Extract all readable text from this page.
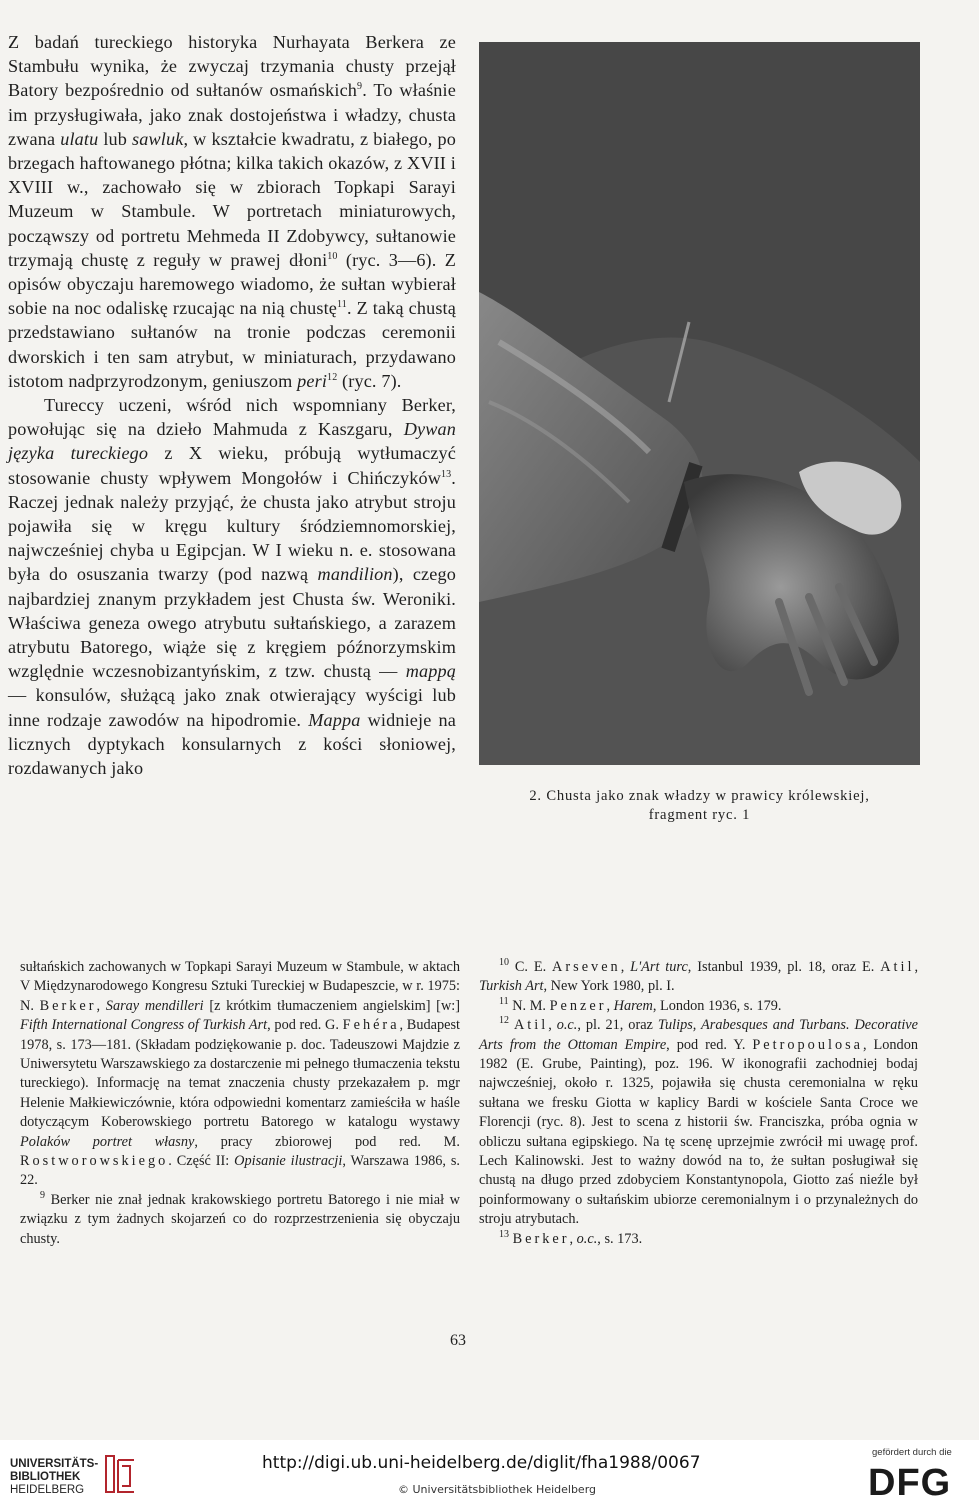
Z badań tureckiego historyka Nurhayata Berkera ze Stambułu wynika, że zwyczaj trzymania chusty przejął Batory bezpośrednio od sułtanów osmańskich$^9$. To właśnie im przysługiwała, jako znak dostojeństwa i władzy, chusta zwana ulatu lub sawluk, w kształcie kwadratu, z białego, po brzegach haftowanego płótna; kilka takich okazów, z XVII i XVIII w., zachowało się w zbiorach Topkapi Sarayi Muzeum w Stambule. W portretach miniaturowych, począwszy od portretu Mehmeda II Zdobywcy, sułtanowie trzymają chustę z reguły w prawej dłoni$^{10}$ (ryc. 3—6). Z opisów obyczaju haremowego wiadomo, że sułtan wybierał sobie na noc odaliskę rzucając na nią chustę$^{11}$. Z taką chustą przedstawiano sułtanów na tronie podczas ceremonii dworskich i ten sam atrybut, w miniaturach, przydawano istotom nadprzyrodzonym, geniuszom peri$^{12}$ (ryc. 7).

Tureccy uczeni, wśród nich wspomniany Berker, powołując się na dzieło Mahmuda z Kaszgaru, Dywan języka tureckiego z X wieku, próbują wytłumaczyć stosowanie chusty wpływem Mongołów i Chińczyków$^{13}$. Raczej jednak należy przyjąć, że chusta jako atrybut stroju pojawiła się w kręgu kultury śródziemnomorskiej, najwcześniej chyba u Egipcjan. W I wieku n. e. stosowana była do osuszania twarzy (pod nazwą mandilion), czego najbardziej znanym przykładem jest Chusta św. Weroniki. Właściwa geneza owego atrybutu sułtańskiego, a zarazem atrybutu Batorego, wiąże się z kręgiem późnorzymskim względnie wczesnobizantyńskim, z tzw. chustą — mappą — konsulów, służącą jako znak otwierający wyścigi lub inne rodzaje zawodów na hipodromie. Mappa widnieje na licznych dyptykach konsularnych z kości słoniowej, rozdawanych jako

2. Chusta jako znak władzy w prawicy królewskiej,
fragment ryc. 1

sułtańskich zachowanych w Topkapi Sarayi Muzeum w Stambule, w aktach V Międzynarodowego Kongresu Sztuki Tureckiej w Budapeszcie, w r. 1975: N. Berker, Saray mendilleri [z krótkim tłumaczeniem angielskim] [w:] Fifth International Congress of Turkish Art, pod red. G. Fehéra, Budapest 1978, s. 173—181. (Składam podziękowanie p. doc. Tadeuszowi Majdzie z Uniwersytetu Warszawskiego za dostarczenie mi pełnego tłumaczenia tekstu tureckiego). Informację na temat znaczenia chusty przekazałem p. mgr Helenie Małkiewiczównie, która odpowiedni komentarz zamieściła w haśle dotyczącym Koberowskiego portretu Batorego w katalogu wystawy Polaków portret własny, pracy zbiorowej pod red. M. Rostworowskiego. Część II: Opisanie ilustracji, Warszawa 1986, s. 22.

$^9$ Berker nie znał jednak krakowskiego portretu Batorego i nie miał w związku z tym żadnych skojarzeń co do rozprzestrzenienia się obyczaju chusty.

$^{10}$ C. E. Arseven, L'Art turc, Istanbul 1939, pl. 18, oraz E. Atil, Turkish Art, New York 1980, pl. I.

$^{11}$ N. M. Penzer, Harem, London 1936, s. 179.

$^{12}$ Atil, o.c., pl. 21, oraz Tulips, Arabesques and Turbans. Decorative Arts from the Ottoman Empire, pod red. Y. Petropoulosa, London 1982 (E. Grube, Painting), poz. 196. W ikonografii zachodniej bodaj najwcześniej, około r. 1325, pojawiła się chusta ceremonialna w ręku sułtana we fresku Giotta w kaplicy Bardi w kościele Santa Croce we Florencji (ryc. 8). Jest to scena z historii św. Franciszka, próba ognia w obliczu sułtana egipskiego. Na tę scenę uprzejmie zwrócił mi uwagę prof. Lech Kalinowski. Jest to ważny dowód na to, że sułtan posługiwał się chustą na długo przed zdobyciem Konstantynopola, Giotto zaś nieźle był poinformowany o sułtańskim ubiorze ceremonialnym i o przynależnych do stroju atrybutach.

$^{13}$ Berker, o.c., s. 173.

63
UNIVERSITÄTS-
BIBLIOTHEK
HEIDELBERG
http://digi.ub.uni-heidelberg.de/diglit/fha1988/0067
© Universitätsbibliothek Heidelberg
gefördert durch die
DFG
